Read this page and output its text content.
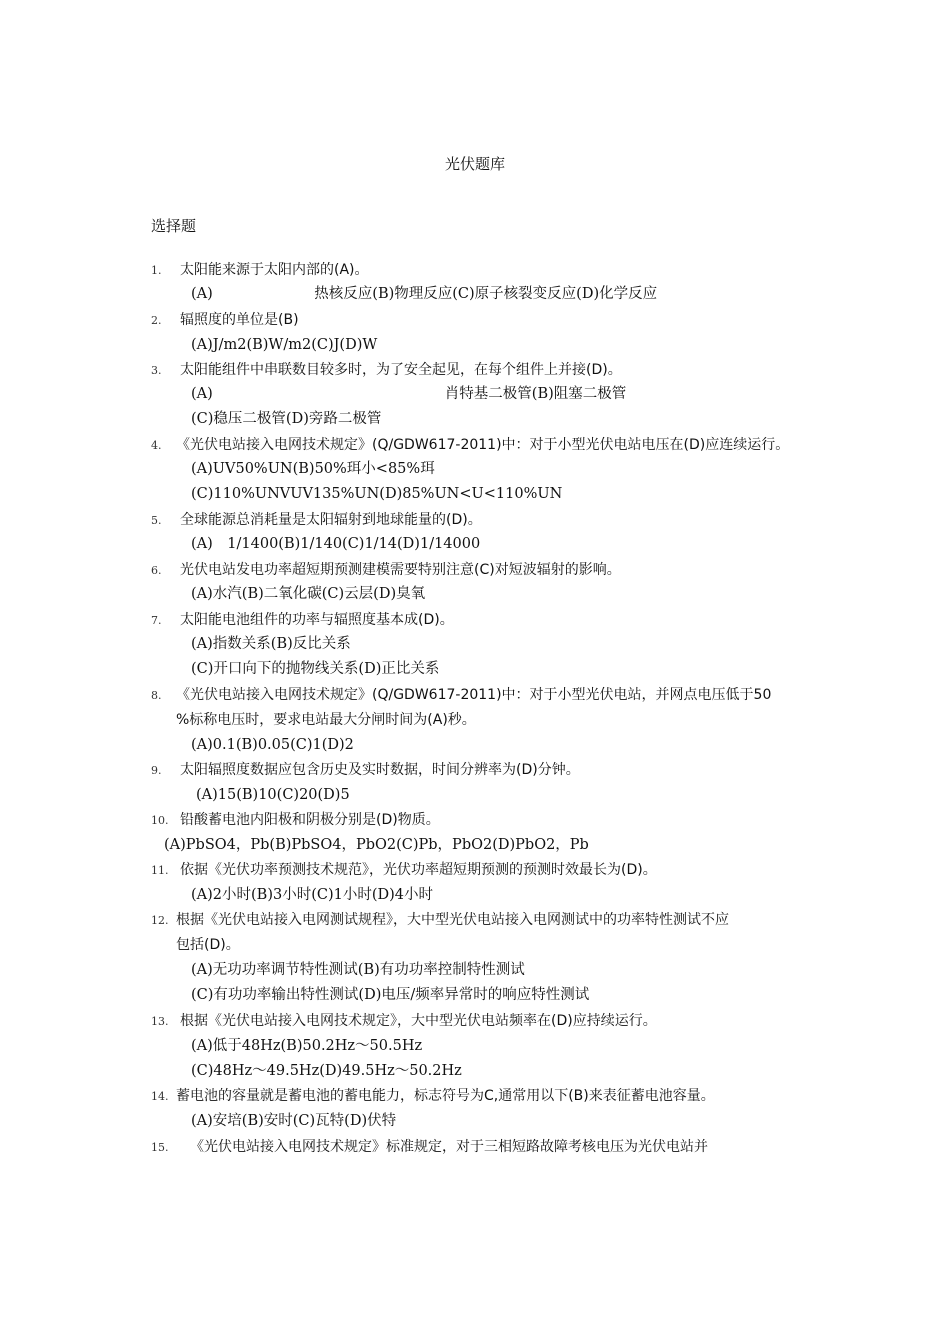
光伏题库
选择题
1. 太阳能来源于太阳内部的(A)。
(A)　　　　　　　热核反应(B)物理反应(C)原子核裂变反应(D)化学反应
2. 辐照度的单位是(B)
(A)J/m2(B)W/m2(C)J(D)W
3. 太阳能组件中串联数目较多时，为了安全起见，在每个组件上并接(D)。
(A)　　　　　　　　　　　　　　　　肖特基二极管(B)阻塞二极管
(C)稳压二极管(D)旁路二极管
4. 《光伏电站接入电网技术规定》(Q/GDW617-2011)中：对于小型光伏电站电压在(D)应连续运行。
(A)UV50%UN(B)50%珥小<85%珥
(C)110%UNVUV135%UN(D)85%UN<U<110%UN
5. 全球能源总消耗量是太阳辐射到地球能量的(D)。
(A)　1/1400(B)1/140(C)1/14(D)1/14000
6. 光伏电站发电功率超短期预测建模需要特别注意(C)对短波辐射的影响。
(A)水汽(B)二氧化碳(C)云层(D)臭氧
7. 太阳能电池组件的功率与辐照度基本成(D)。
(A)指数关系(B)反比关系
(C)开口向下的抛物线关系(D)正比关系
8. 《光伏电站接入电网技术规定》(Q/GDW617-2011)中：对于小型光伏电站，并网点电压低于50
%标称电压时，要求电站最大分闸时间为(A)秒。
(A)0.1(B)0.05(C)1(D)2
9. 太阳辐照度数据应包含历史及实时数据，时间分辨率为(D)分钟。
(A)15(B)10(C)20(D)5
10. 铅酸蓄电池内阳极和阴极分别是(D)物质。
(A)PbSO4，Pb(B)PbSO4，PbO2(C)Pb，PbO2(D)PbO2，Pb
11. 依据《光伏功率预测技术规范》，光伏功率超短期预测的预测时效最长为(D)。
(A)2小时(B)3小时(C)1小时(D)4小时
12. 根据《光伏电站接入电网测试规程》，大中型光伏电站接入电网测试中的功率特性测试不应
包括(D)。
(A)无功功率调节特性测试(B)有功功率控制特性测试
(C)有功功率输出特性测试(D)电压/频率异常时的响应特性测试
13. 根据《光伏电站接入电网技术规定》，大中型光伏电站频率在(D)应持续运行。
(A)低于48Hz(B)50.2Hz〜50.5Hz
(C)48Hz〜49.5Hz(D)49.5Hz〜50.2Hz
14. 蓄电池的容量就是蓄电池的蓄电能力，标志符号为C,通常用以下(B)来表征蓄电池容量。
(A)安培(B)安时(C)瓦特(D)伏特
15. 《光伏电站接入电网技术规定》标准规定，对于三相短路故障考核电压为光伏电站并
